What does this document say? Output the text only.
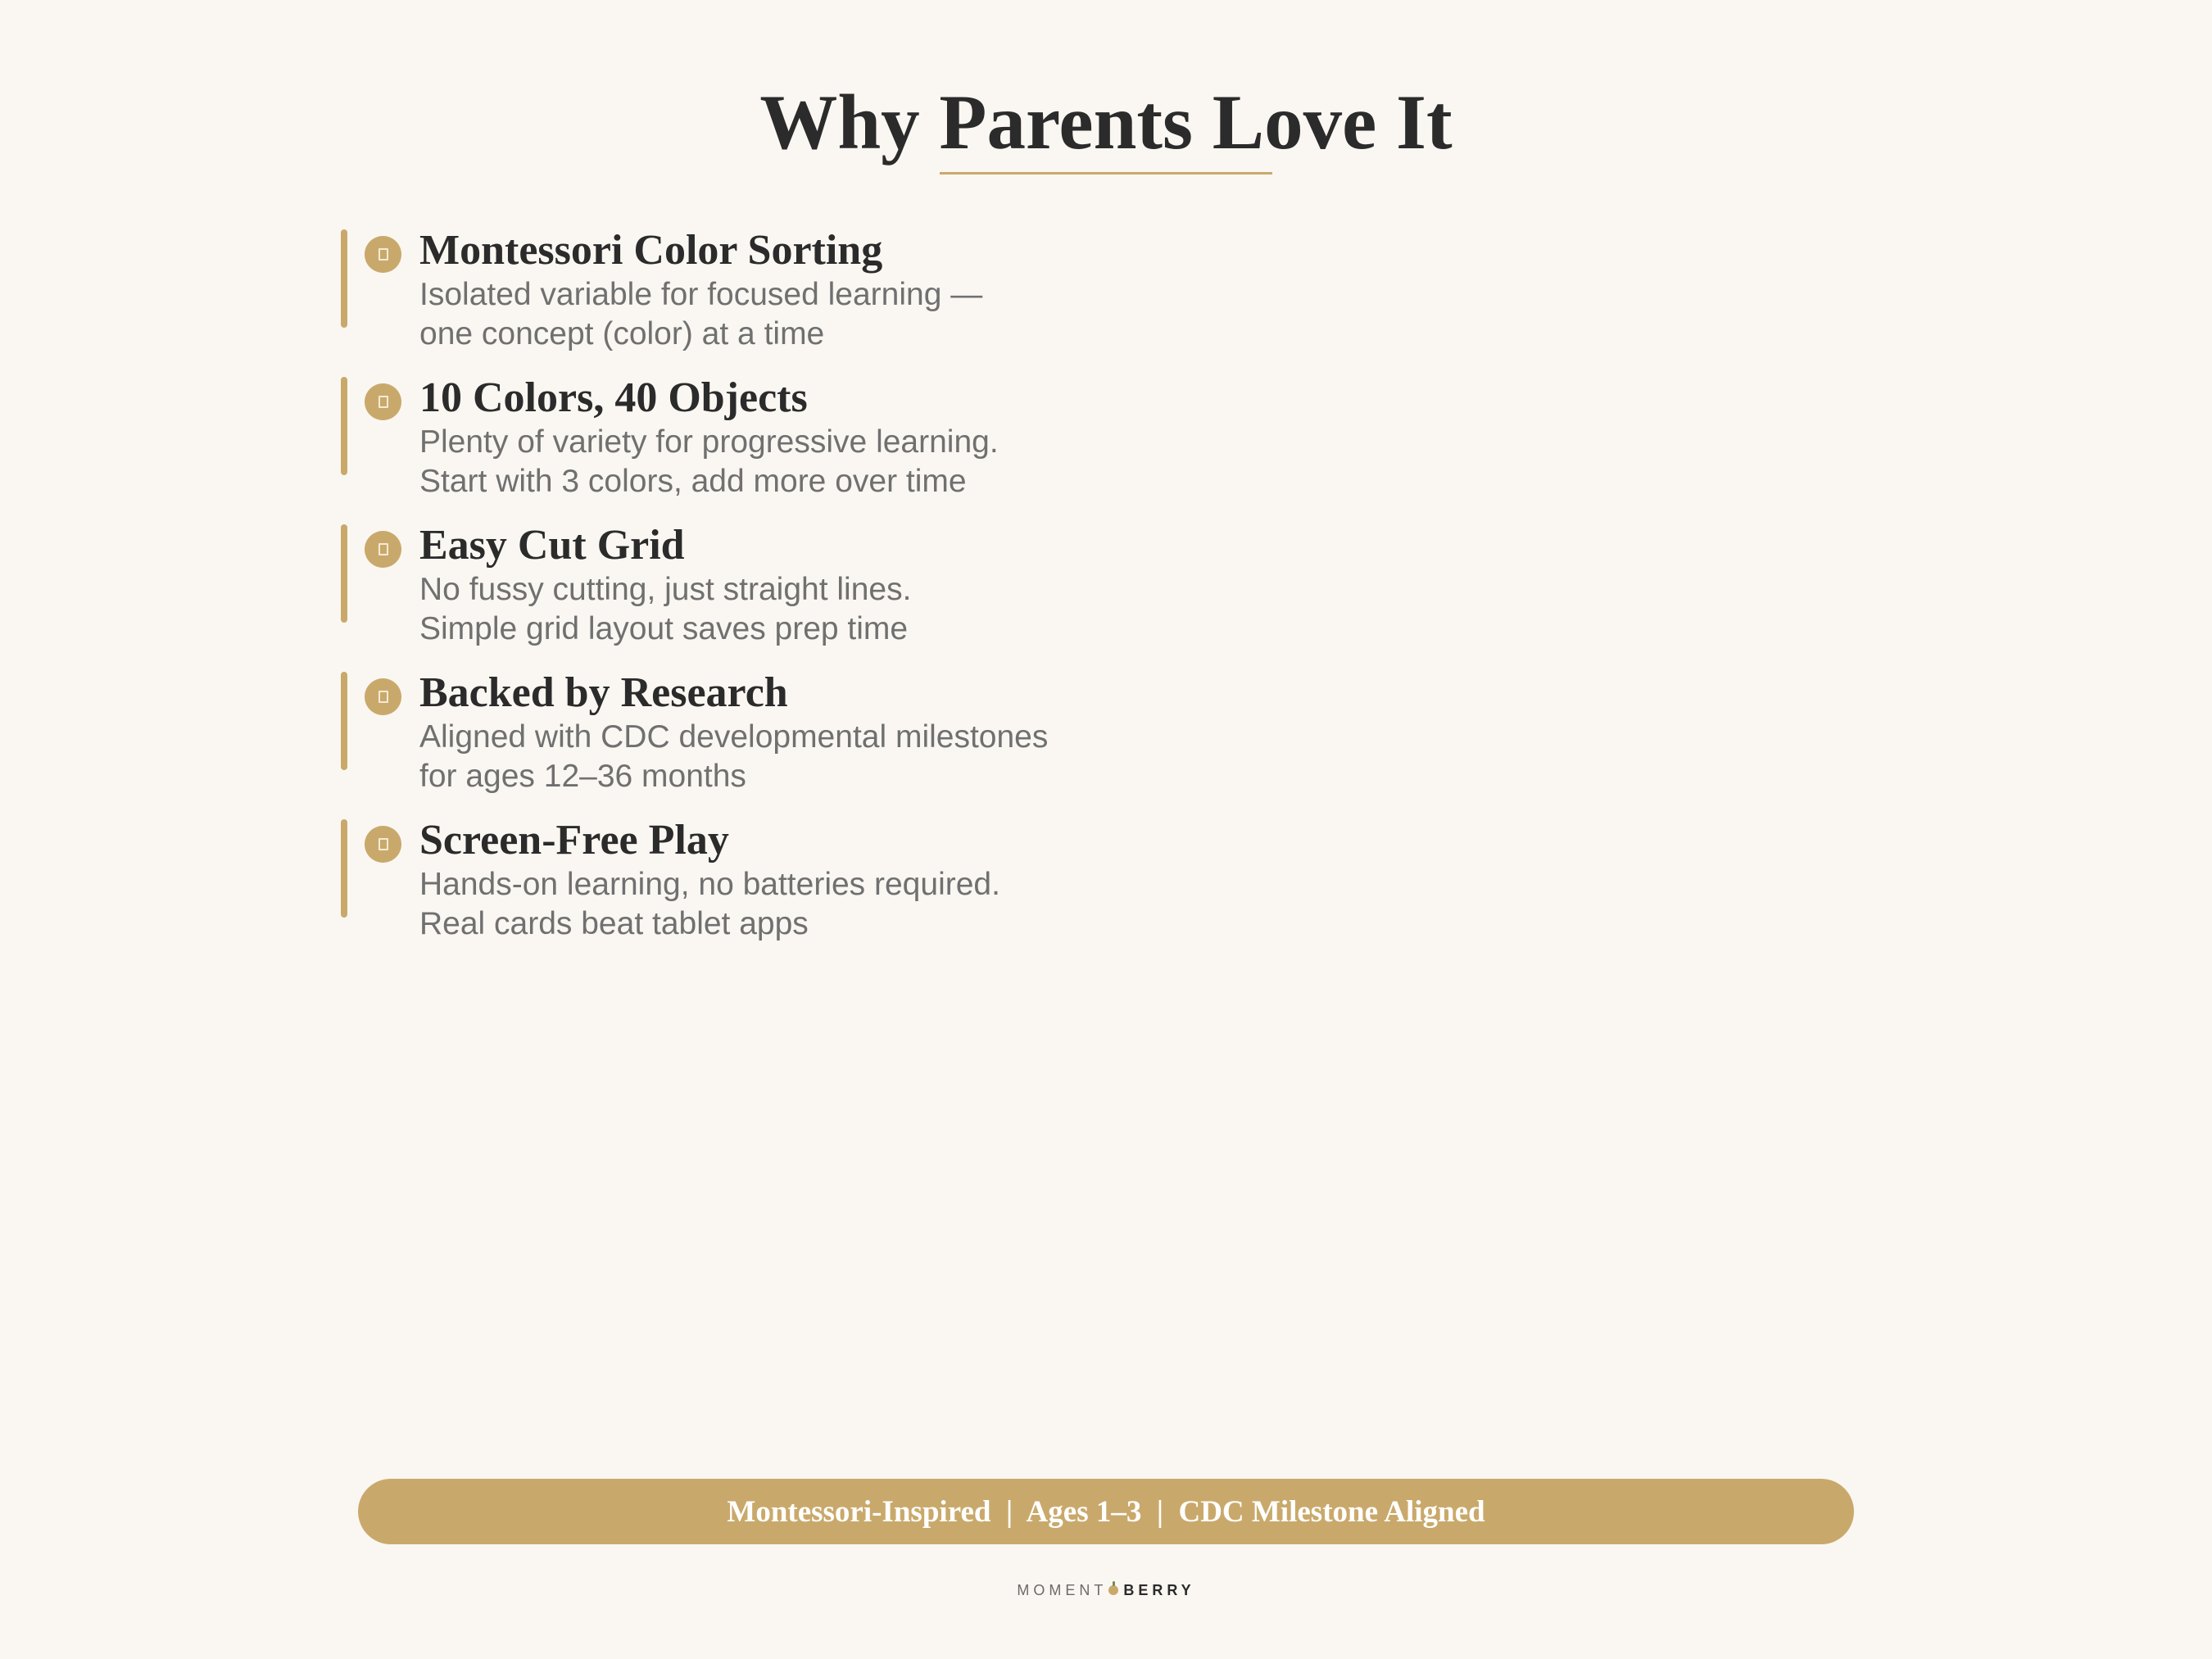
Why Parents Love It
Montessori Color Sorting
Isolated variable for focused learning —
one concept (color) at a time
10 Colors, 40 Objects
Plenty of variety for progressive learning.
Start with 3 colors, add more over time
Easy Cut Grid
No fussy cutting, just straight lines.
Simple grid layout saves prep time
Backed by Research
Aligned with CDC developmental milestones
for ages 12–36 months
Screen-Free Play
Hands-on learning, no batteries required.
Real cards beat tablet apps
Montessori-Inspired  |  Ages 1–3  |  CDC Milestone Aligned
MOMENT BERRY
